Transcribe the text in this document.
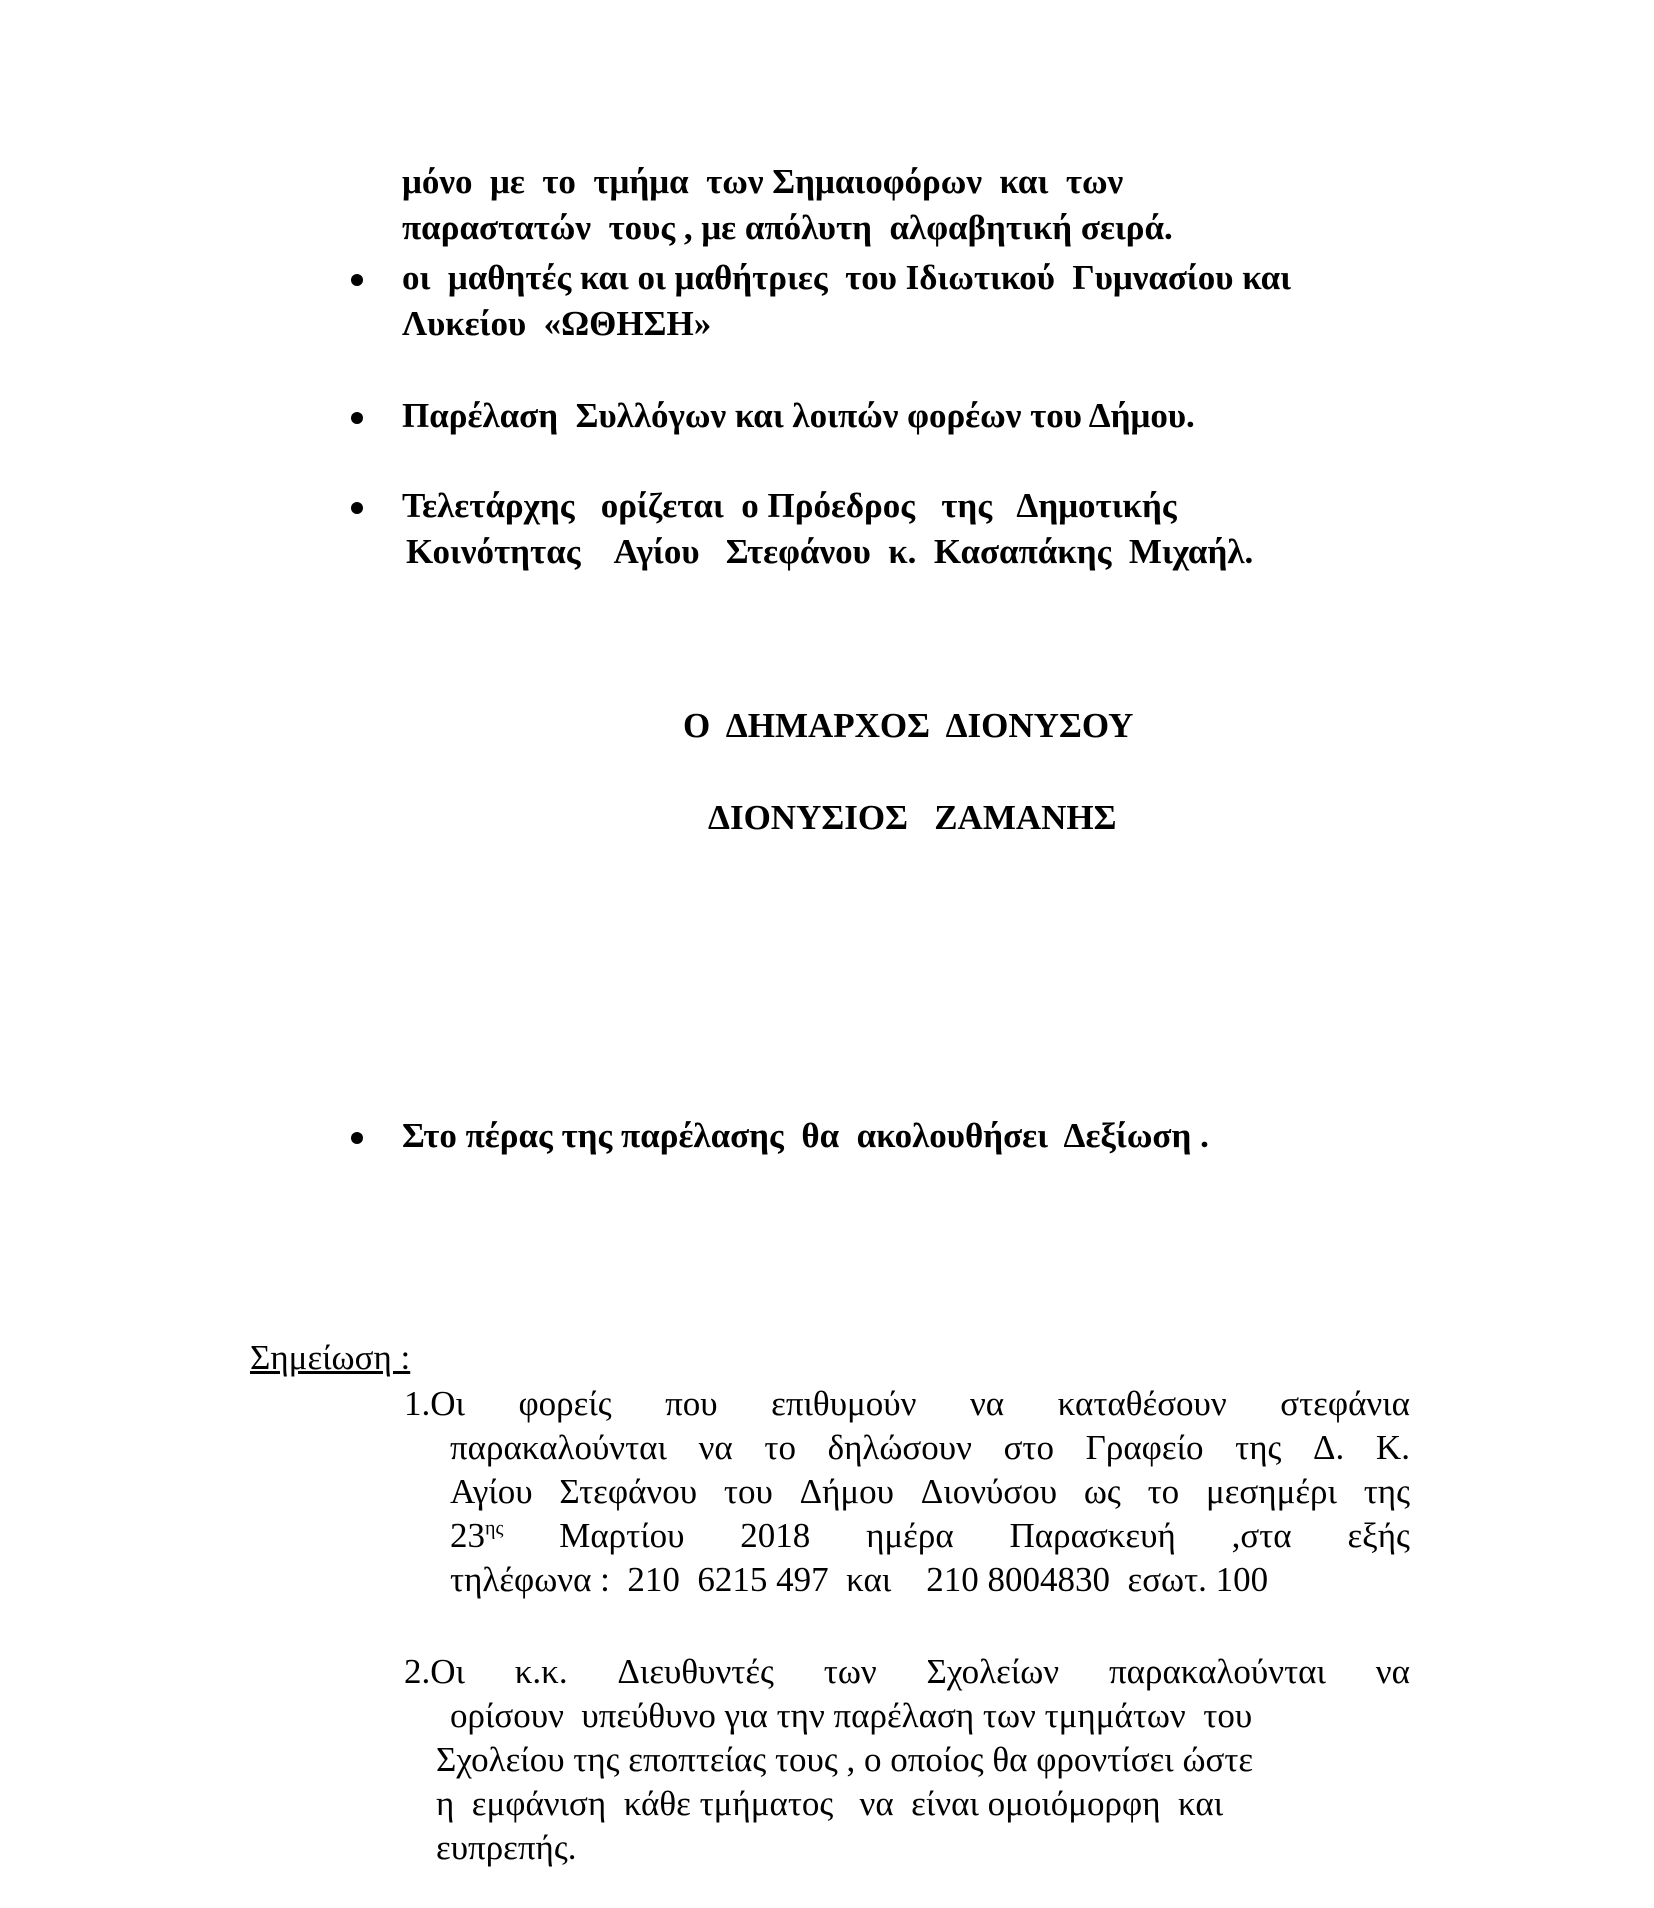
μόνο  με  το  τμήμα  των Σημαιοφόρων  και  των
παραστατών  τους , με απόλυτη  αλφαβητική σειρά.
οι  μαθητές και οι μαθήτριες  του Ιδιωτικού  Γυμνασίου και
Λυκείου  «ΩΘΗΣΗ»
Παρέλαση  Συλλόγων και λοιπών φορέων του Δήμου.
Τελετάρχης   ορίζεται  ο Πρόεδρος   της   Δημοτικής
Κοινότητας    Αγίου   Στεφάνου  κ.  Κασαπάκης  Μιχαήλ.
Ο  ΔΗΜΑΡΧΟΣ  ΔΙΟΝΥΣΟΥ
ΔΙΟΝΥΣΙΟΣ   ΖΑΜΑΝΗΣ
Στο πέρας της παρέλασης  θα  ακολουθήσει  Δεξίωση .
Σημείωση :
1.Οι φορείς που επιθυμούν να καταθέσουν στεφάνια
παρακαλούνται να το δηλώσουν στο Γραφείο της Δ. Κ.
Αγίου Στεφάνου του Δήμου Διονύσου ως το μεσημέρι της
$23^{\eta\varsigma}$ Μαρτίου 2018 ημέρα Παρασκευή ,στα εξής
τηλέφωνα :  210  6215 497  και    210 8004830  εσωτ. 100
2.Οι κ.κ. Διευθυντές των Σχολείων παρακαλούνται να
ορίσουν  υπεύθυνο για την παρέλαση των τμημάτων  του
Σχολείου της εποπτείας τους , ο οποίος θα φροντίσει ώστε
η  εμφάνιση  κάθε τμήματος   να  είναι ομοιόμορφη  και
ευπρεπής.
